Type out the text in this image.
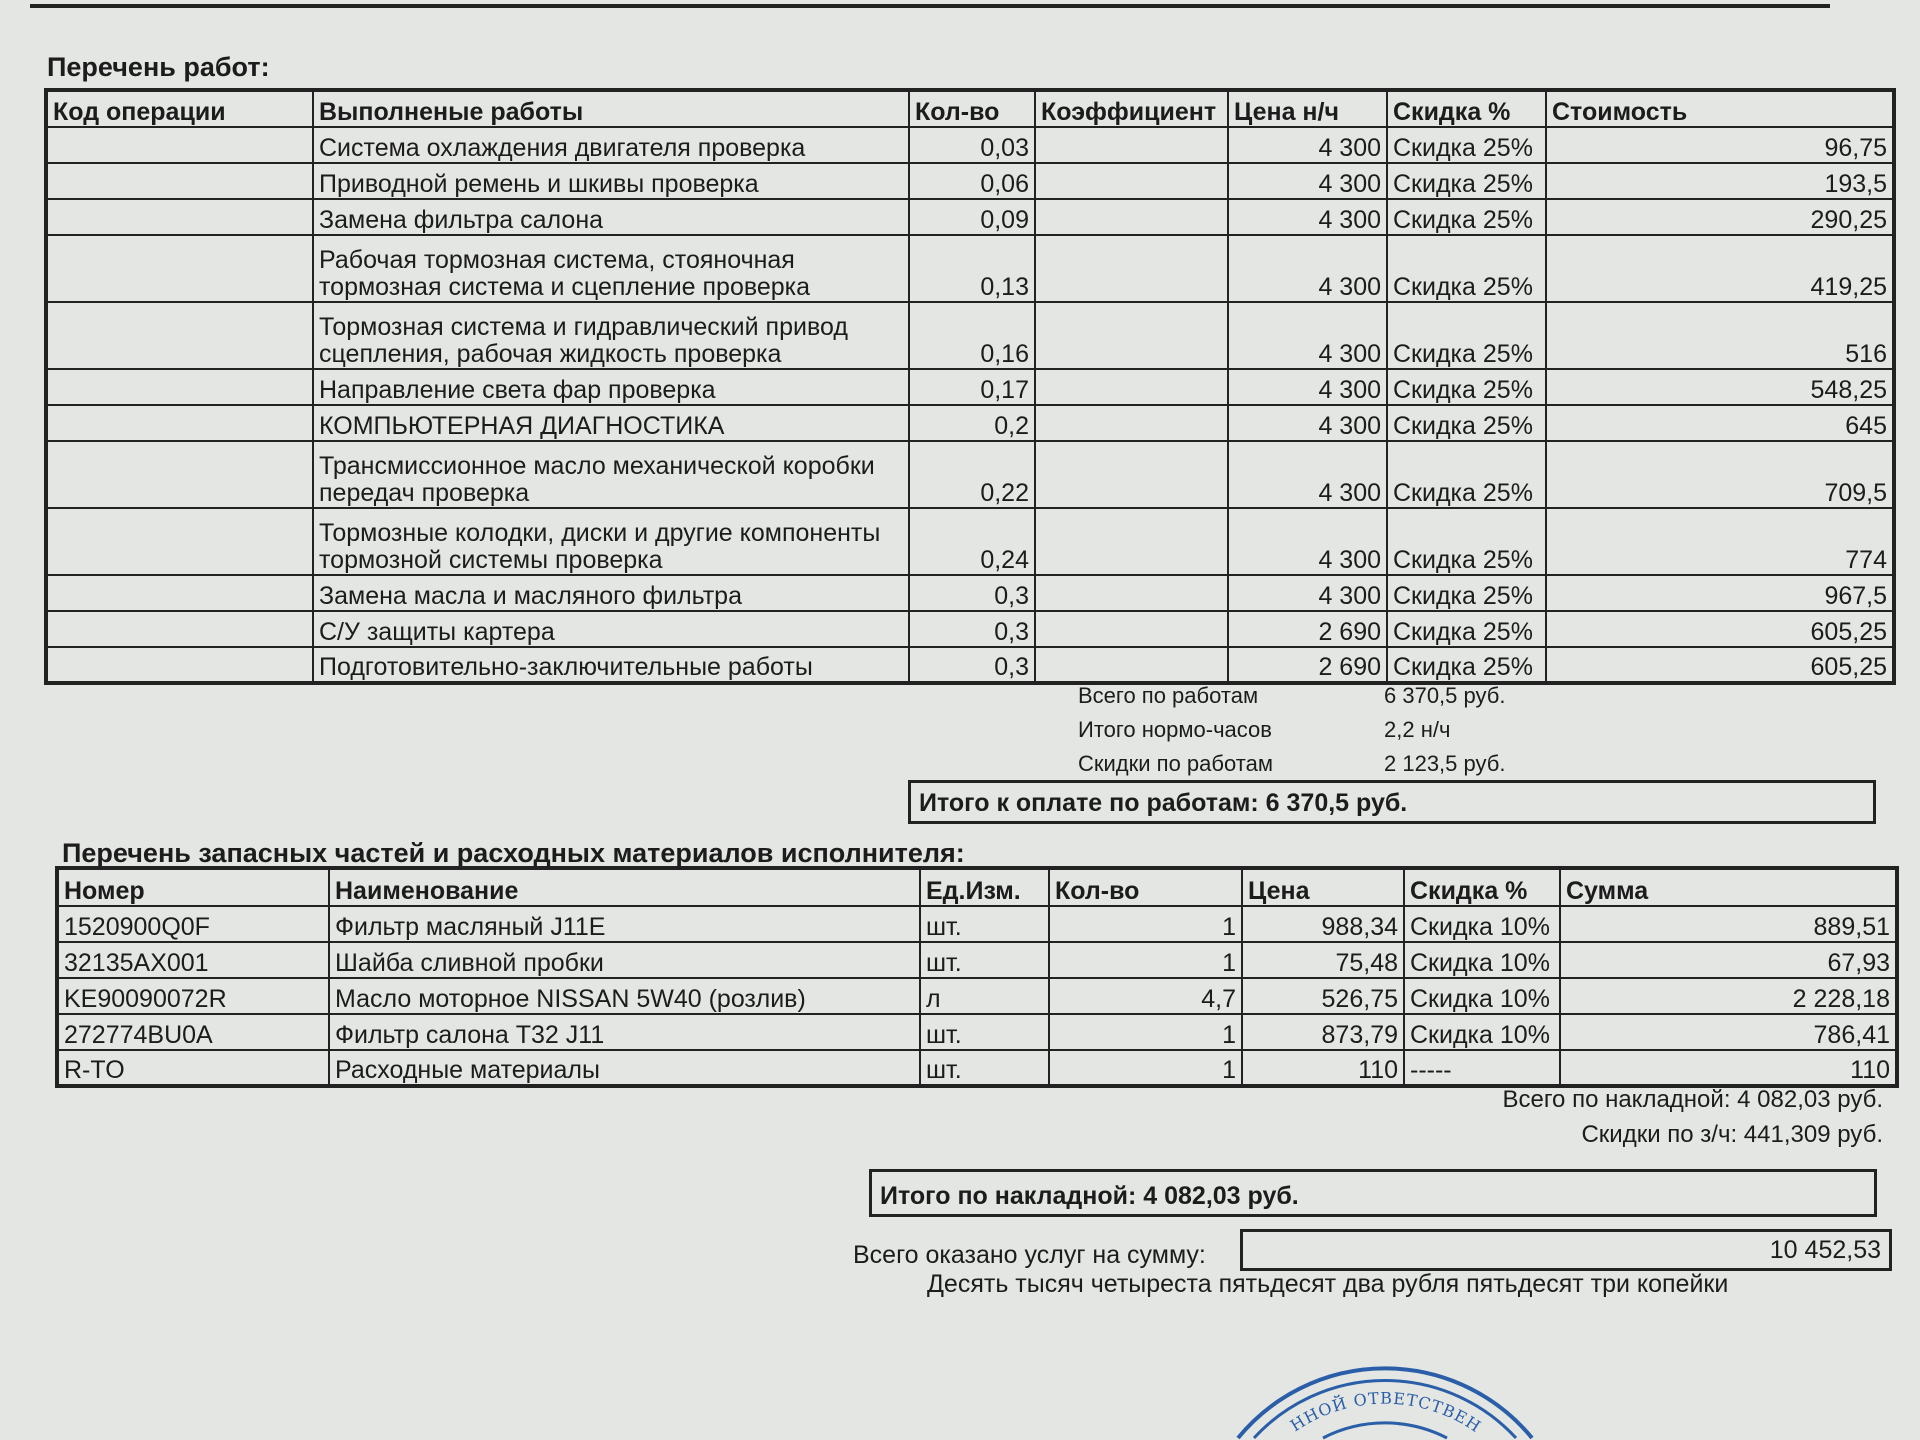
Перечень работ:
Код операции	Выполненые работы	Кол-во	Коэффициент	Цена н/ч	Скидка %	Стоимость
	Система охлаждения двигателя проверка	0,03		4 300	Скидка 25%	96,75
	Приводной ремень и шкивы проверка	0,06		4 300	Скидка 25%	193,5
	Замена фильтра салона	0,09		4 300	Скидка 25%	290,25
	Рабочая тормозная система, стояночная тормозная система и сцепление проверка	0,13		4 300	Скидка 25%	419,25
	Тормозная система и гидравлический привод сцепления, рабочая жидкость проверка	0,16		4 300	Скидка 25%	516
	Направление света фар проверка	0,17		4 300	Скидка 25%	548,25
	КОМПЬЮТЕРНАЯ ДИАГНОСТИКА	0,2		4 300	Скидка 25%	645
	Трансмиссионное масло механической коробки передач проверка	0,22		4 300	Скидка 25%	709,5
	Тормозные колодки, диски и другие компоненты тормозной системы проверка	0,24		4 300	Скидка 25%	774
	Замена масла и масляного фильтра	0,3		4 300	Скидка 25%	967,5
	С/У защиты картера	0,3		2 690	Скидка 25%	605,25
	Подготовительно-заключительные работы	0,3		2 690	Скидка 25%	605,25
Всего по работам	6 370,5 руб.
Итого нормо-часов	2,2 н/ч
Скидки по работам	2 123,5 руб.
Итого к оплате по работам: 6 370,5 руб.
Перечень запасных частей и расходных материалов исполнителя:
Номер	Наименование	Ед.Изм.	Кол-во	Цена	Скидка %	Сумма
1520900Q0F	Фильтр масляный J11E	шт.	1	988,34	Скидка 10%	889,51
32135AX001	Шайба сливной пробки	шт.	1	75,48	Скидка 10%	67,93
KE90090072R	Масло моторное NISSAN 5W40 (розлив)	л	4,7	526,75	Скидка 10%	2 228,18
272774BU0A	Фильтр салона T32 J11	шт.	1	873,79	Скидка 10%	786,41
R-TO	Расходные материалы	шт.	1	110	-----	110
Всего по накладной: 4 082,03 руб.
Скидки по з/ч: 441,309 руб.
Итого по накладной: 4 082,03 руб.
Всего оказано услуг на сумму:	10 452,53
Десять тысяч четыреста пятьдесят два рубля пятьдесят три копейки
ННОЙ ОТВЕТСТВЕНН
